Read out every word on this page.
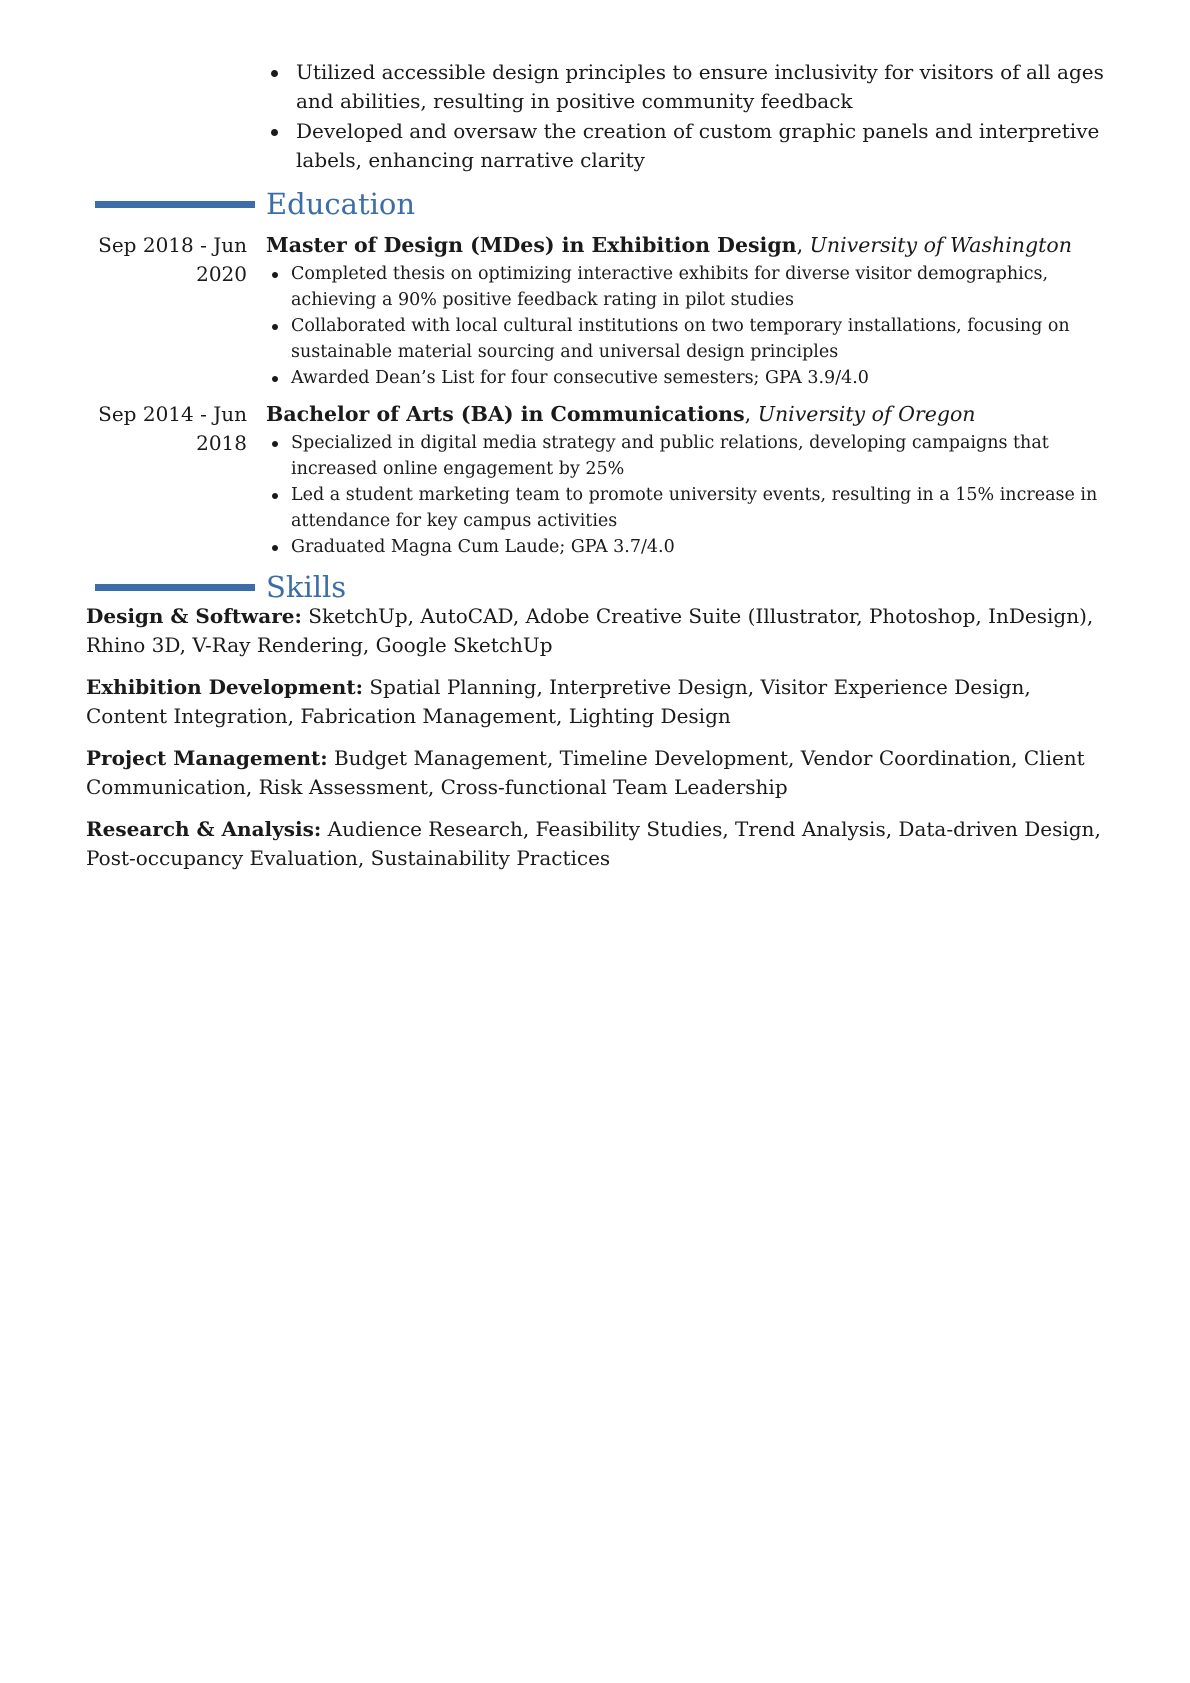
Utilized accessible design principles to ensure inclusivity for visitors of all ages and abilities, resulting in positive community feedback
Developed and oversaw the creation of custom graphic panels and interpretive labels, enhancing narrative clarity
Education
Sep 2018 - Jun 2020
Master of Design (MDes) in Exhibition Design, University of Washington
Completed thesis on optimizing interactive exhibits for diverse visitor demographics, achieving a 90% positive feedback rating in pilot studies
Collaborated with local cultural institutions on two temporary installations, focusing on sustainable material sourcing and universal design principles
Awarded Dean’s List for four consecutive semesters; GPA 3.9/4.0
Sep 2014 - Jun 2018
Bachelor of Arts (BA) in Communications, University of Oregon
Specialized in digital media strategy and public relations, developing campaigns that increased online engagement by 25%
Led a student marketing team to promote university events, resulting in a 15% increase in attendance for key campus activities
Graduated Magna Cum Laude; GPA 3.7/4.0
Skills
Design & Software: SketchUp, AutoCAD, Adobe Creative Suite (Illustrator, Photoshop, InDesign), Rhino 3D, V-Ray Rendering, Google SketchUp
Exhibition Development: Spatial Planning, Interpretive Design, Visitor Experience Design, Content Integration, Fabrication Management, Lighting Design
Project Management: Budget Management, Timeline Development, Vendor Coordination, Client Communication, Risk Assessment, Cross-functional Team Leadership
Research & Analysis: Audience Research, Feasibility Studies, Trend Analysis, Data-driven Design, Post-occupancy Evaluation, Sustainability Practices
